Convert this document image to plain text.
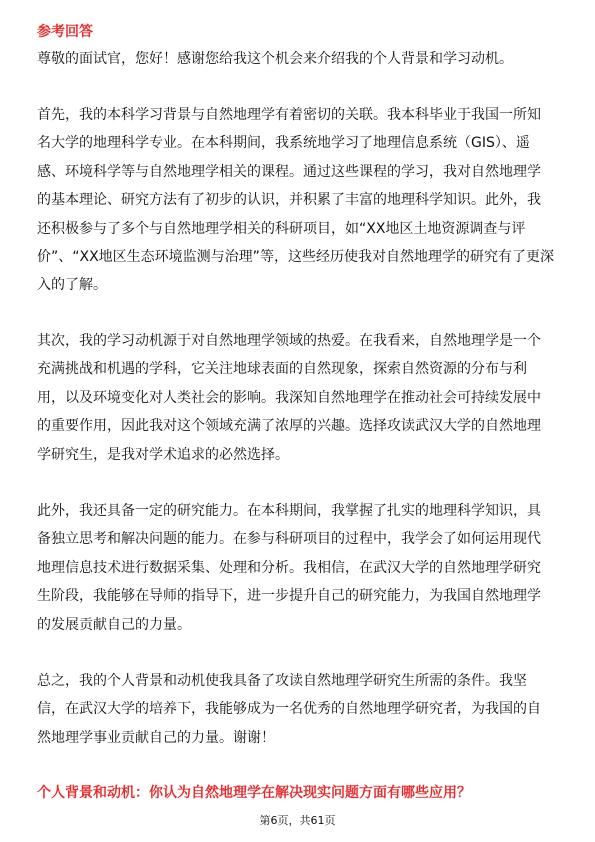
参考回答
尊敬的面试官，您好！感谢您给我这个机会来介绍我的个人背景和学习动机。
首先，我的本科学习背景与自然地理学有着密切的关联。我本科毕业于我国一所知
名大学的地理科学专业。在本科期间，我系统地学习了地理信息系统（GIS）、遥
感、环境科学等与自然地理学相关的课程。通过这些课程的学习，我对自然地理学
的基本理论、研究方法有了初步的认识，并积累了丰富的地理科学知识。此外，我
还积极参与了多个与自然地理学相关的科研项目，如“XX地区土地资源调查与评
价”、“XX地区生态环境监测与治理”等，这些经历使我对自然地理学的研究有了更深
入的了解。
其次，我的学习动机源于对自然地理学领域的热爱。在我看来，自然地理学是一个
充满挑战和机遇的学科，它关注地球表面的自然现象，探索自然资源的分布与利
用，以及环境变化对人类社会的影响。我深知自然地理学在推动社会可持续发展中
的重要作用，因此我对这个领域充满了浓厚的兴趣。选择攻读武汉大学的自然地理
学研究生，是我对学术追求的必然选择。
此外，我还具备一定的研究能力。在本科期间，我掌握了扎实的地理科学知识，具
备独立思考和解决问题的能力。在参与科研项目的过程中，我学会了如何运用现代
地理信息技术进行数据采集、处理和分析。我相信，在武汉大学的自然地理学研究
生阶段，我能够在导师的指导下，进一步提升自己的研究能力，为我国自然地理学
的发展贡献自己的力量。
总之，我的个人背景和动机使我具备了攻读自然地理学研究生所需的条件。我坚
信，在武汉大学的培养下，我能够成为一名优秀的自然地理学研究者，为我国的自
然地理学事业贡献自己的力量。谢谢！
个人背景和动机：你认为自然地理学在解决现实问题方面有哪些应用？
第6页，共61页
